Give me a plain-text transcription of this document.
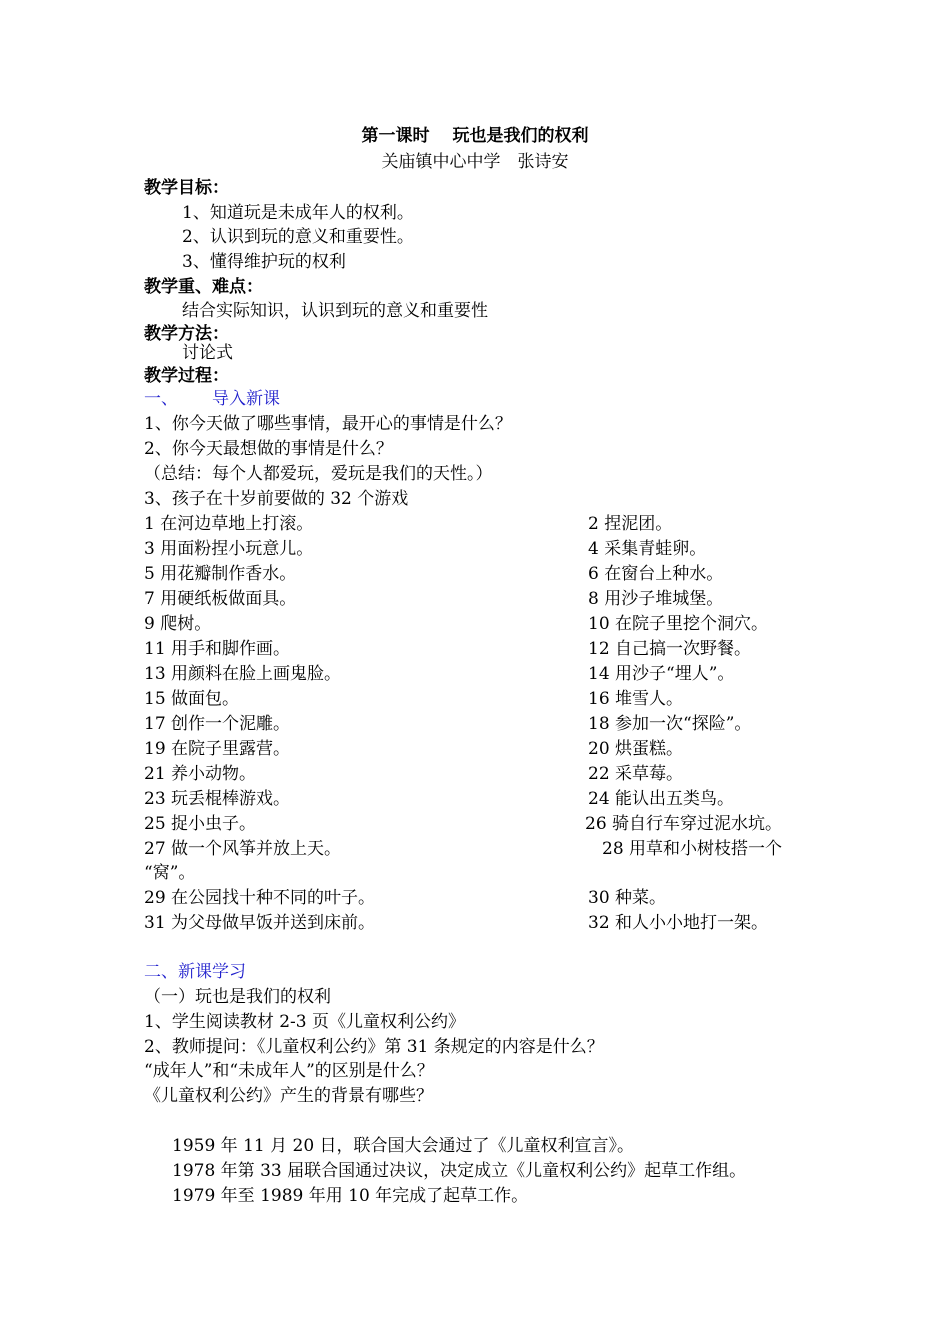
第一课时　 玩也是我们的权利
关庙镇中心中学　张诗安
教学目标：
1、知道玩是未成年人的权利。
2、认识到玩的意义和重要性。
3、懂得维护玩的权利
教学重、难点：
结合实际知识，认识到玩的意义和重要性
教学方法：
讨论式
教学过程：
一、 导入新课
1、你今天做了哪些事情，最开心的事情是什么？
2、你今天最想做的事情是什么？
（总结：每个人都爱玩，爱玩是我们的天性。）
3、孩子在十岁前要做的 32 个游戏
1 在河边草地上打滚。
3 用面粉捏小玩意儿。
5 用花瓣制作香水。
7 用硬纸板做面具。
9 爬树。
11 用手和脚作画。
13 用颜料在脸上画鬼脸。
15 做面包。
17 创作一个泥雕。
19 在院子里露营。
21 养小动物。
23 玩丢棍棒游戏。
25 捉小虫子。
27 做一个风筝并放上天。
2 捏泥团。
4 采集青蛙卵。
6 在窗台上种水。
8 用沙子堆城堡。
10 在院子里挖个洞穴。
12 自己搞一次野餐。
14 用沙子“埋人”。
16 堆雪人。
18 参加一次“探险”。
20 烘蛋糕。
22 采草莓。
24 能认出五类鸟。
26 骑自行车穿过泥水坑。
28 用草和小树枝搭一个
“窝”。
29 在公园找十种不同的叶子。	30 种菜。
31 为父母做早饭并送到床前。	32 和人小小地打一架。
二、新课学习
（一）玩也是我们的权利
1、学生阅读教材 2-3 页《儿童权利公约》
2、教师提问：《儿童权利公约》第 31 条规定的内容是什么？
“成年人”和“未成年人”的区别是什么？
《儿童权利公约》产生的背景有哪些？
1959 年 11 月 20 日，联合国大会通过了《儿童权利宣言》。
1978 年第 33 届联合国通过决议，决定成立《儿童权利公约》起草工作组。
1979 年至 1989 年用 10 年完成了起草工作。
